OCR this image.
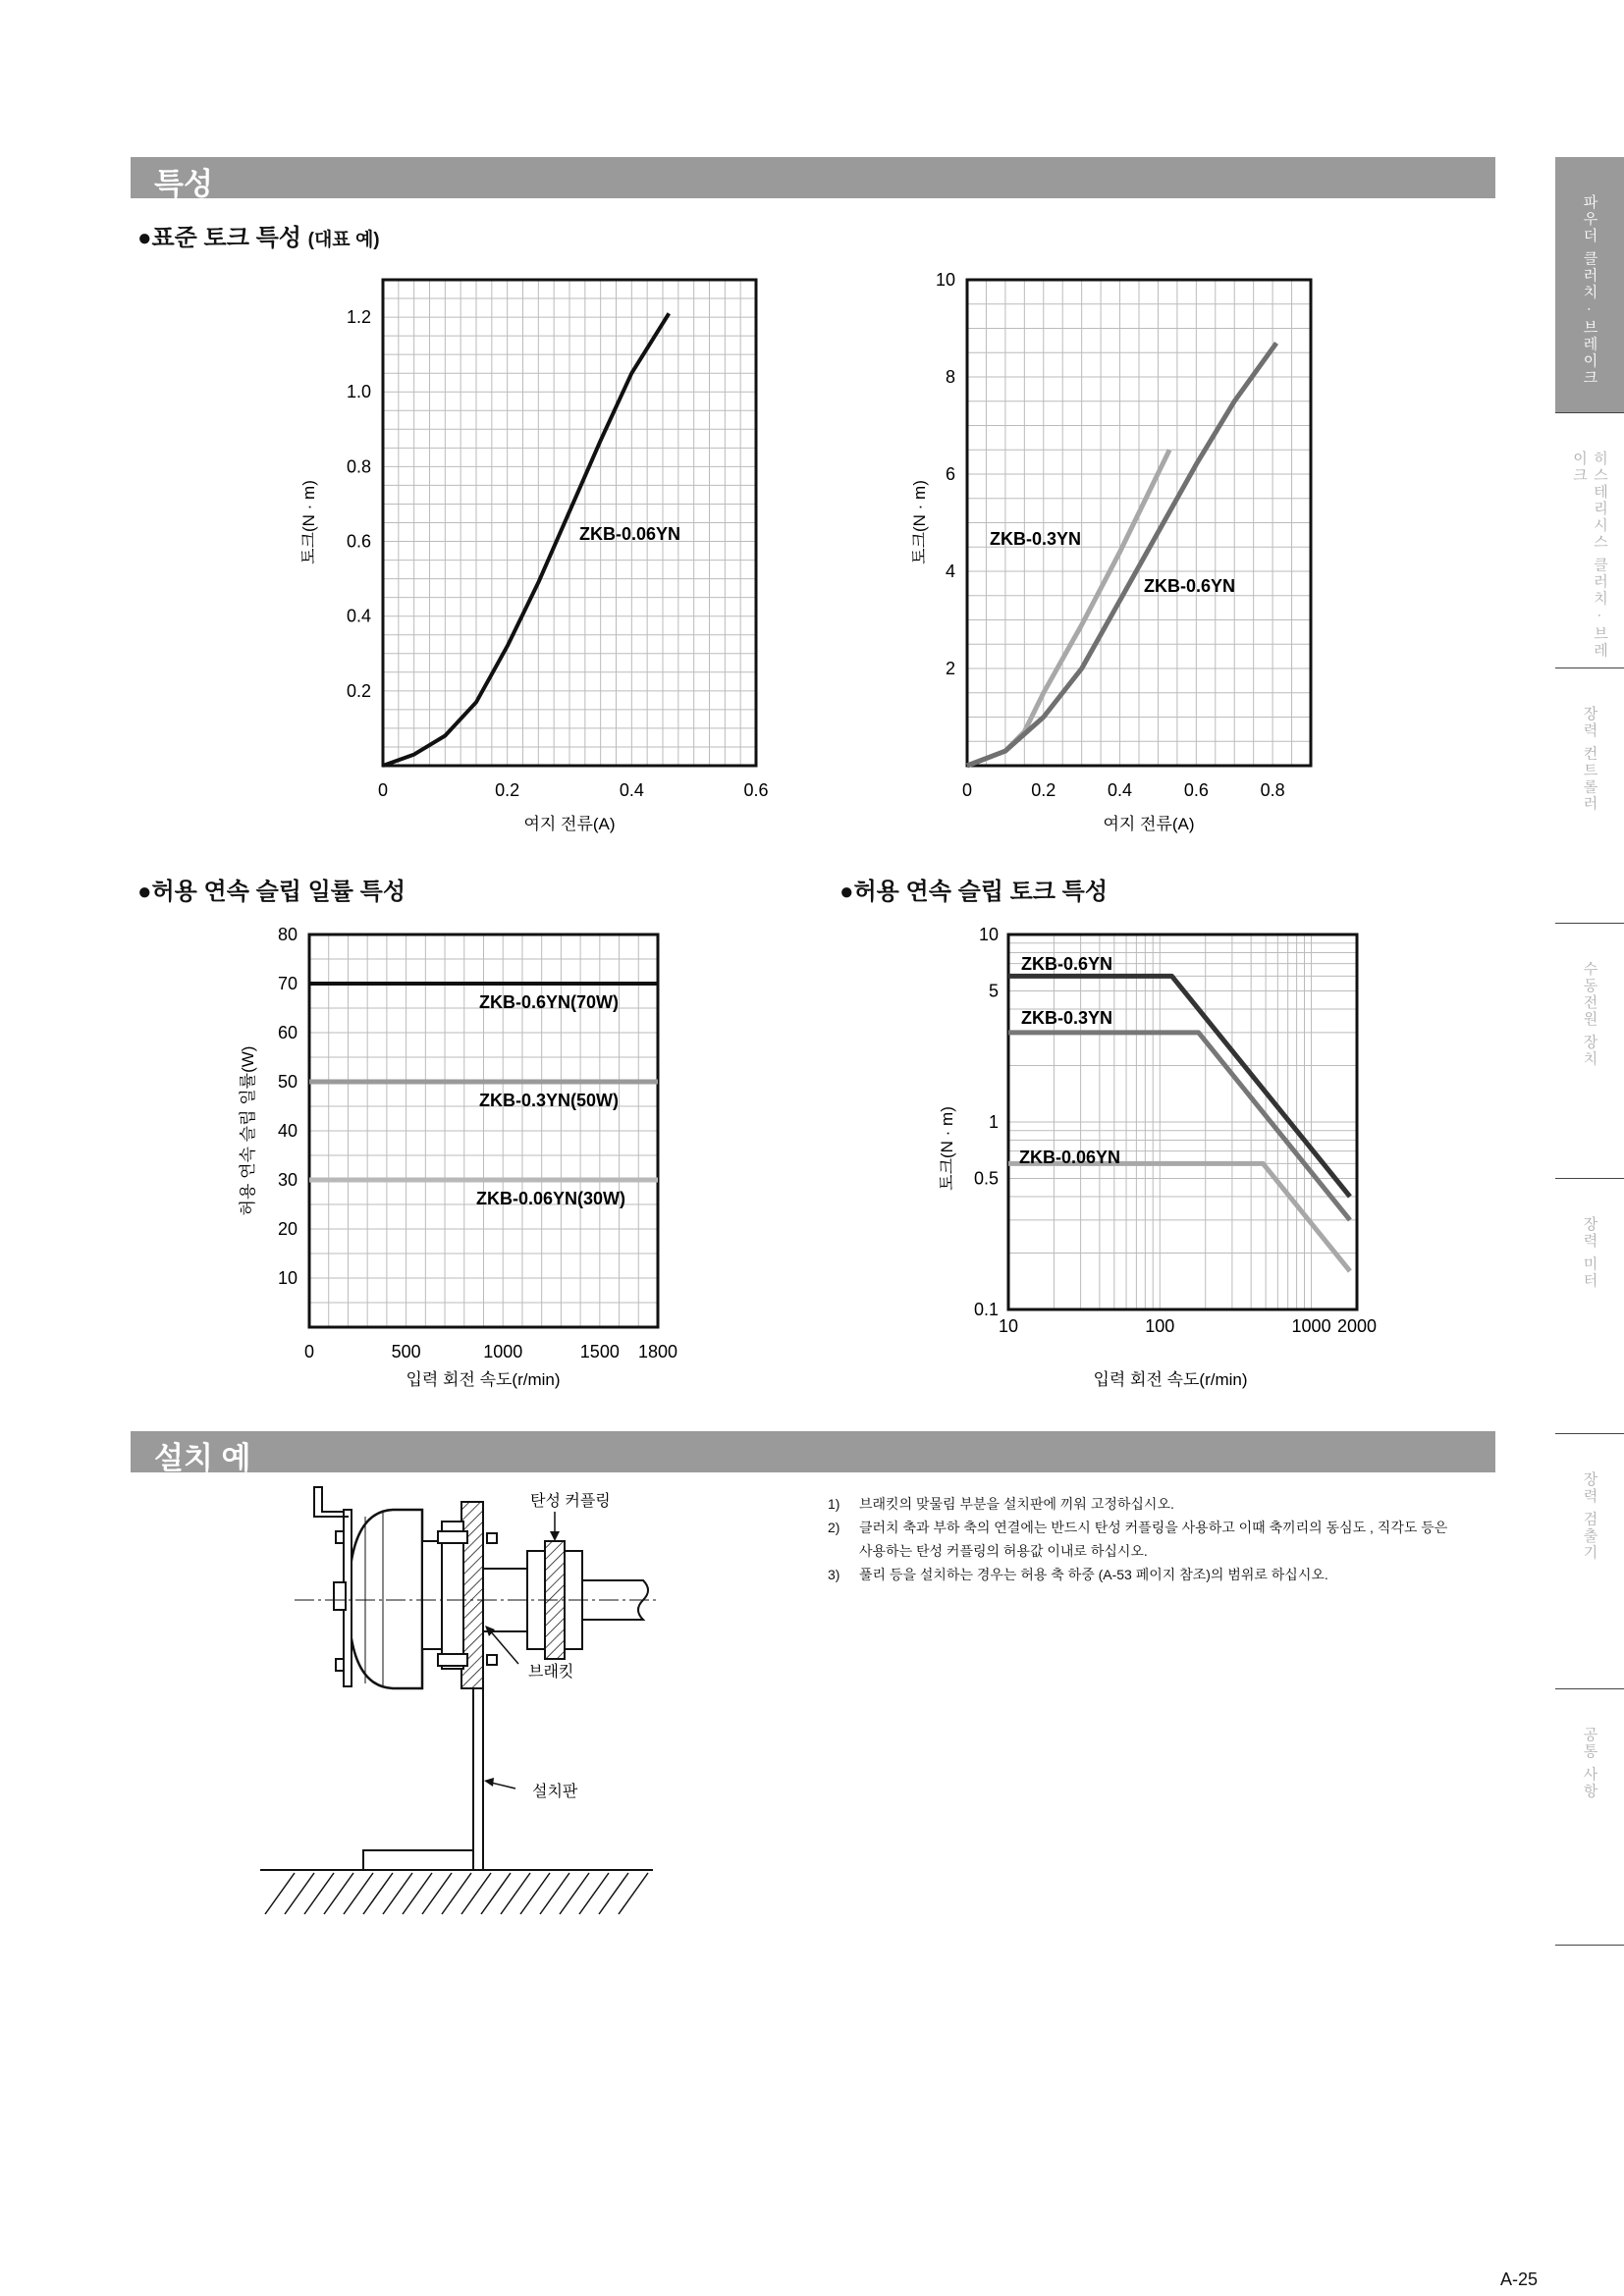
특성
●표준 토크 특성 (대표 예)
0.2
0.4
0.6
0.8
1.0
1.2
0	0.2	0.4	0.6
ZKB-0.06YN
토크(N · m)
여지 전류(A)
2
4
6
8
10
0	0.2	0.4	0.6	0.8
ZKB-0.3YN
ZKB-0.6YN
토크(N · m)
여지 전류(A)
●허용 연속 슬립 일률 특성	●허용 연속 슬립 토크 특성
10
20
30
40
50
60
70
80
0	500	1000	1500 1800
ZKB-0.6YN(70W)
ZKB-0.3YN(50W)
ZKB-0.06YN(30W)
허용 연속 슬립 일률(W)
입력 회전 속도(r/min)
0.1
0.5
1
5
10
10	100	1000 2000
ZKB-0.6YN
ZKB-0.3YN
ZKB-0.06YN
토크(N · m)
입력 회전 속도(r/min)
설치 예
탄성 커플링
브래킷
설치판
1) 브래킷의 맞물림 부분을 설치판에 끼워 고정하십시오.
2) 클러치 축과 부하 축의 연결에는 반드시 탄성 커플링을 사용하고 이때 축끼리의 동심도 , 직각도 등은
사용하는 탄성 커플링의 허용값 이내로 하십시오.
3) 풀리 등을 설치하는 경우는 허용 축 하중 (A-53 페이지 참조)의 범위로 하십시오.
파우더 클러치 · 브레이크
히스테리시스 클러치 · 브레이크
장력 컨트롤러
수동전원 장치
장력 미터
장력 검출기
공통 사항
A-25
